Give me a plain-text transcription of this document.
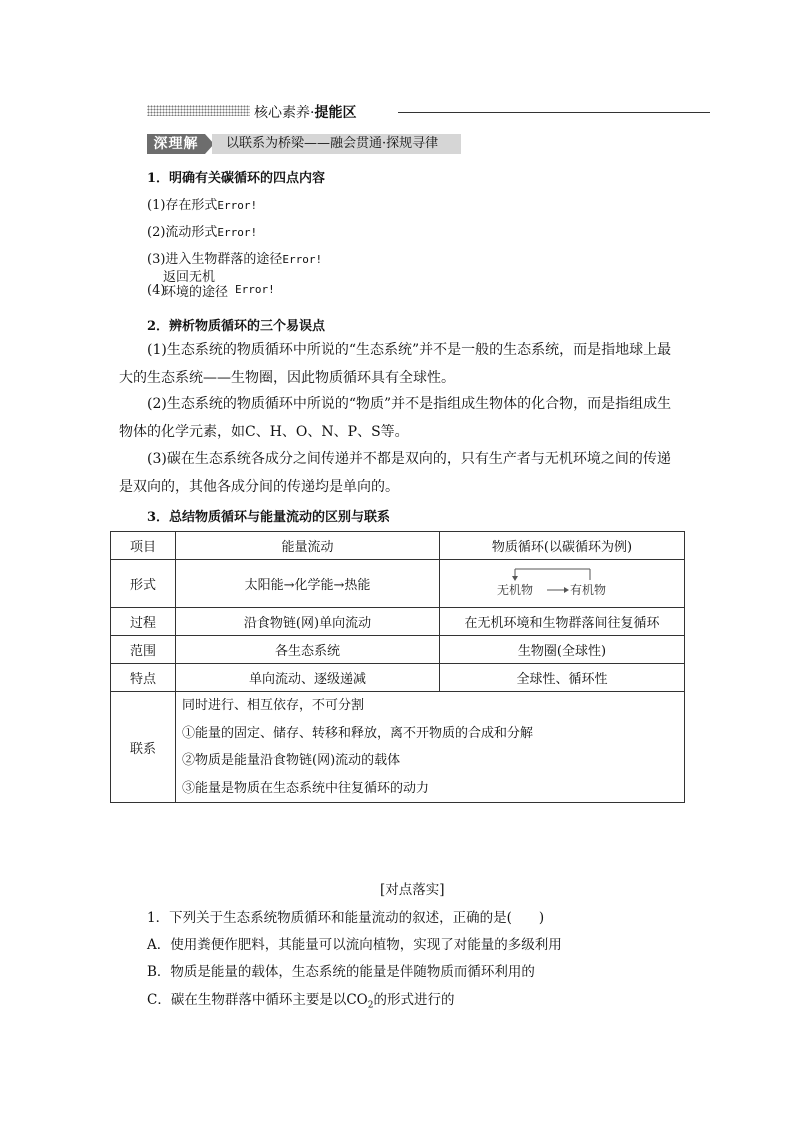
核心素养·提能区
深理解	以联系为桥梁——融会贯通·探规寻律
1．明确有关碳循环的四点内容
(1)存在形式Error!
(2)流动形式Error!
(3)进入生物群落的途径Error!
(4)
返回无机
环境的途径 Error!
2．辨析物质循环的三个易误点
(1)生态系统的物质循环中所说的“生态系统”并不是一般的生态系统，而是指地球上最大的生态系统——生物圈，因此物质循环具有全球性。
(2)生态系统的物质循环中所说的“物质”并不是指组成生物体的化合物，而是指组成生物体的化学元素，如C、H、O、N、P、S等。
(3)碳在生态系统各成分之间传递并不都是双向的，只有生产者与无机环境之间的传递是双向的，其他各成分间的传递均是单向的。
3．总结物质循环与能量流动的区别与联系
项目	能量流动	物质循环(以碳循环为例)
形式	太阳能→化学能→热能	无机物 有机物

过程	沿食物链(网)单向流动	在无机环境和生物群落间往复循环
范围	各生态系统	生物圈(全球性)
特点	单向流动、逐级递减	全球性、循环性
联系	同时进行、相互依存，不可分割
①能量的固定、储存、转移和释放，离不开物质的合成和分解
②物质是能量沿食物链(网)流动的载体
③能量是物质在生态系统中往复循环的动力	
[对点落实]
1．下列关于生态系统物质循环和能量流动的叙述，正确的是(　　)
A．使用粪便作肥料，其能量可以流向植物，实现了对能量的多级利用
B．物质是能量的载体，生态系统的能量是伴随物质而循环利用的
C．碳在生物群落中循环主要是以$CO_2$的形式进行的
